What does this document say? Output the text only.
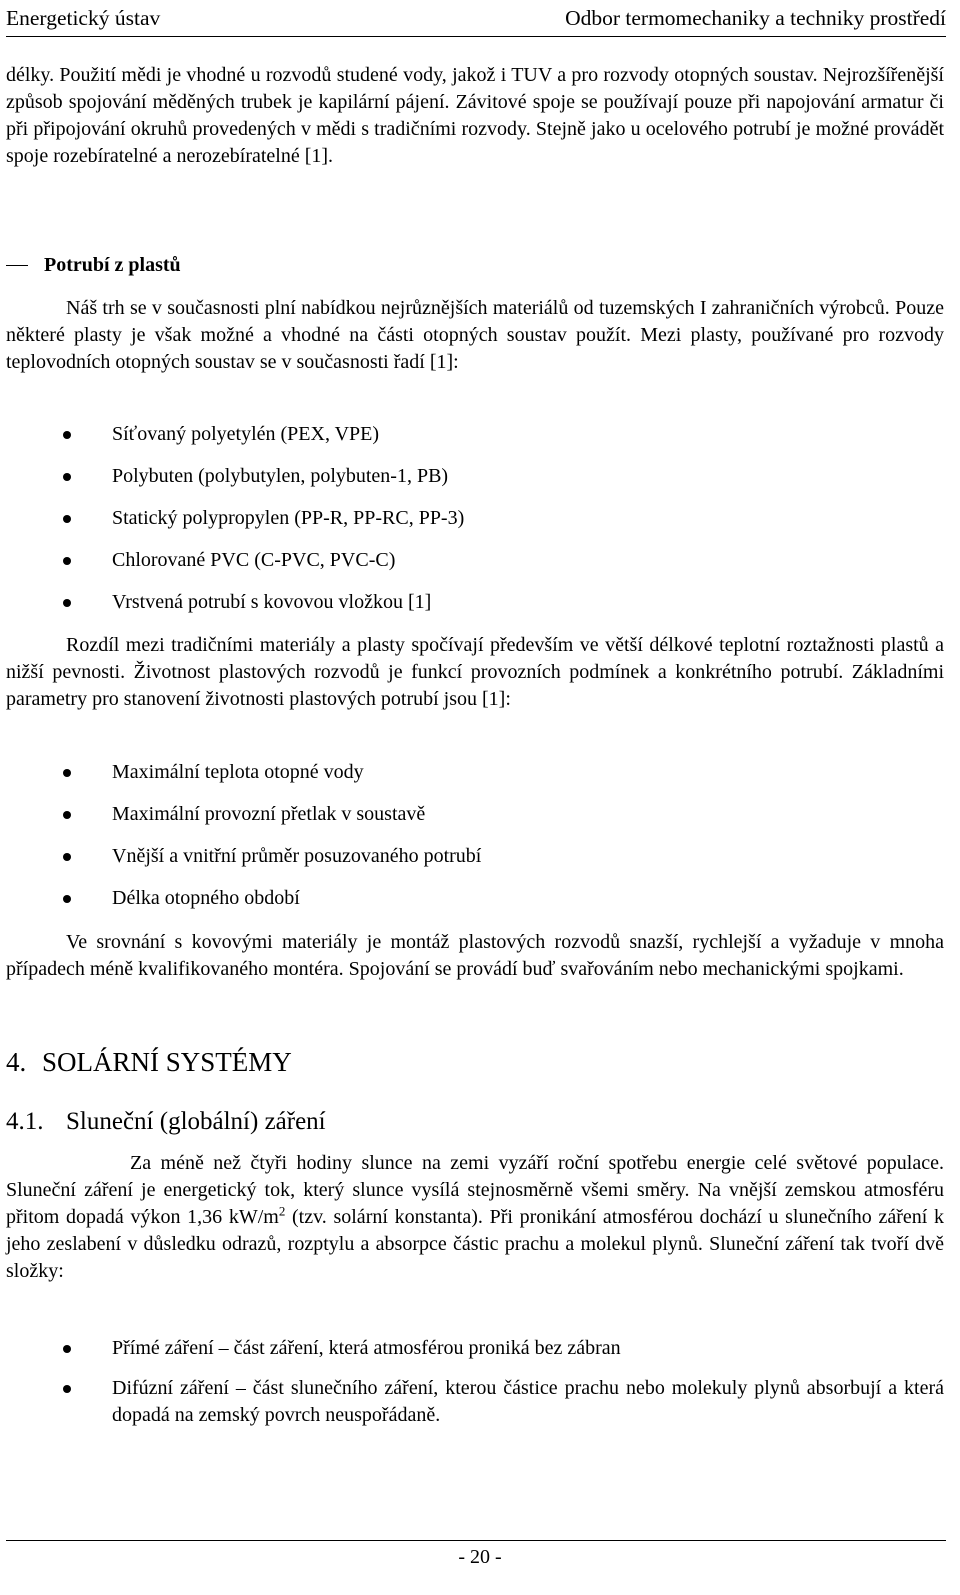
Energetický ústav	Odbor termomechaniky a techniky prostředí

délky. Použití mědi je vhodné u rozvodů studené vody, jakož i TUV a pro rozvody otopných soustav. Nejrozšířenější způsob spojování měděných trubek je kapilární pájení. Závitové spoje se používají pouze při napojování armatur či při připojování okruhů provedených v mědi s tradičními rozvody. Stejně jako u ocelového potrubí je možné provádět spoje rozebíratelné a nerozebíratelné [1].

Potrubí z plastů

Náš trh se v současnosti plní nabídkou nejrůznějších materiálů od tuzemských I zahraničních výrobců. Pouze některé plasty je však možné a vhodné na části otopných soustav použít. Mezi plasty, používané pro rozvody teplovodních otopných soustav se v současnosti řadí [1]:

Síťovaný polyetylén (PEX, VPE)
Polybuten (polybutylen, polybuten-1, PB)
Statický polypropylen (PP-R, PP-RC, PP-3)
Chlorované PVC (C-PVC, PVC-C)
Vrstvená potrubí s kovovou vložkou [1]

Rozdíl mezi tradičními materiály a plasty spočívají především ve větší délkové teplotní roztažnosti plastů a nižší pevnosti. Životnost plastových rozvodů je funkcí provozních podmínek a konkrétního potrubí. Základními parametry pro stanovení životnosti plastových potrubí jsou [1]:

Maximální teplota otopné vody
Maximální provozní přetlak v soustavě
Vnější a vnitřní průměr posuzovaného potrubí
Délka otopného období

Ve srovnání s kovovými materiály je montáž plastových rozvodů snazší, rychlejší a vyžaduje v mnoha případech méně kvalifikovaného montéra. Spojování se provádí buď svařováním nebo mechanickými spojkami.

4. SOLÁRNÍ SYSTÉMY
4.1. Sluneční (globální) záření

Za méně než čtyři hodiny slunce na zemi vyzáří roční spotřebu energie celé světové populace. Sluneční záření je energetický tok, který slunce vysílá stejnosměrně všemi směry. Na vnější zemskou atmosféru přitom dopadá výkon 1,36 $kW/m^2$ (tzv. solární konstanta). Při pronikání atmosférou dochází u slunečního záření k jeho zeslabení v důsledku odrazů, rozptylu a absorpce částic prachu a molekul plynů. Sluneční záření tak tvoří dvě složky:

Přímé záření – část záření, která atmosférou proniká bez zábran
Difúzní záření – část slunečního záření, kterou částice prachu nebo molekuly plynů absorbují a která dopadá na zemský povrch neuspořádaně.
- 20 -
